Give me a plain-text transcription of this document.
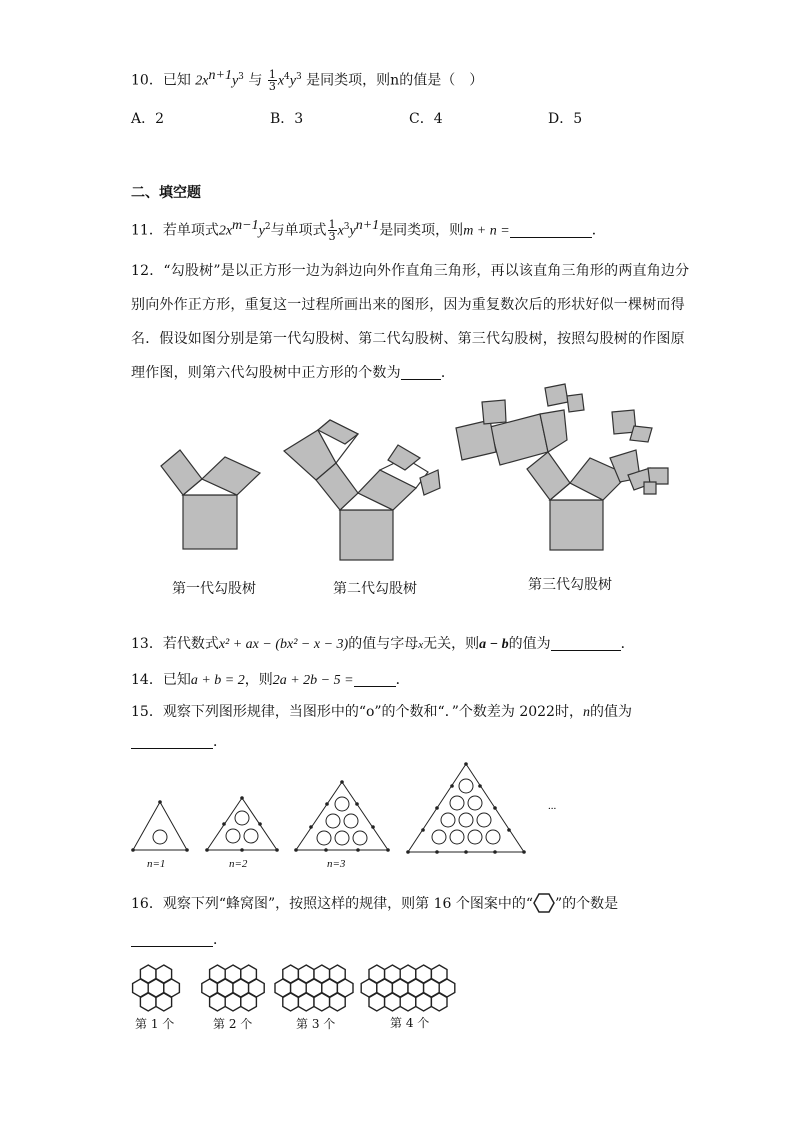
10．已知 $2x^{n+1}y^3$ 与 $\frac{1}{3} x^4y^3$ 是同类项，则n的值是（　）
A．2	B．3	C．4	D．5
二、填空题
11．若单项式$2x^{m-1}y^2$与单项式 $\frac{1}{3} x^3y^{n+1}$是同类项，则m + n =	．
12．“勾股树”是以正方形一边为斜边向外作直角三角形，再以该直角三角形的两直角边分别向外作正方形，重复这一过程所画出来的图形，因为重复数次后的形状好似一棵树而得名．假设如图分别是第一代勾股树、第二代勾股树、第三代勾股树，按照勾股树的作图原理作图，则第六代勾股树中正方形的个数为	．
第一代勾股树	第二代勾股树	第三代勾股树
13．若代数式x² + ax − (bx² − x − 3)的值与字母x无关，则a − b的值为	．
14．已知a + b = 2，则2a + 2b − 5 =	．
15．观察下列图形规律，当图形中的“o”的个数和“．”个数差为 2022时，n的值为
．
...
n=1	n=2	n=3
16．观察下列“蜂窝图”，按照这样的规律，则第 16 个图案中的“ ”的个数是
．
第 1 个	第 2 个	第 3 个	第 4 个
